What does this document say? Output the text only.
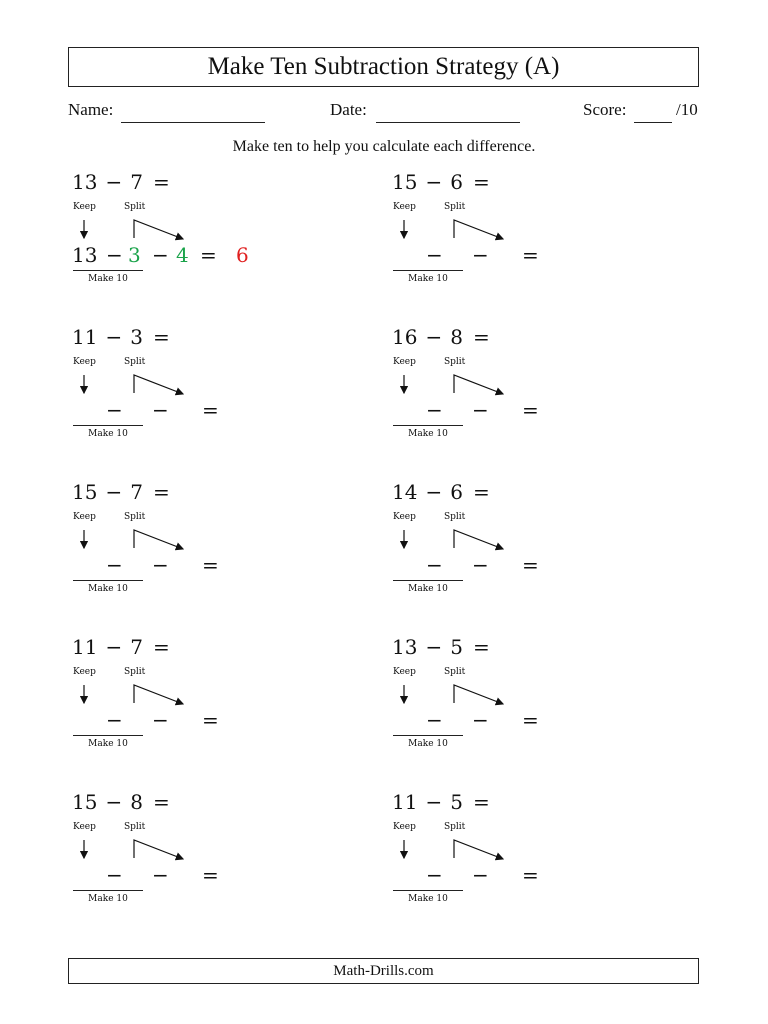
Make Ten Subtraction Strategy (A)
Name:	Date:	Score:	/10
Make ten to help you calculate each difference.
13 − 7 =
Keep	Split
13 − 3 − 4 = 6
Make 10
15 − 6 =
Keep	Split
− − =
Make 10
11 − 3 =
Keep	Split
− − =
Make 10
16 − 8 =
Keep	Split
− − =
Make 10
15 − 7 =
Keep	Split
− − =
Make 10
14 − 6 =
Keep	Split
− − =
Make 10
11 − 7 =
Keep	Split
− − =
Make 10
13 − 5 =
Keep	Split
− − =
Make 10
15 − 8 =
Keep	Split
− − =
Make 10
11 − 5 =
Keep	Split
− − =
Make 10
Math-Drills.com
